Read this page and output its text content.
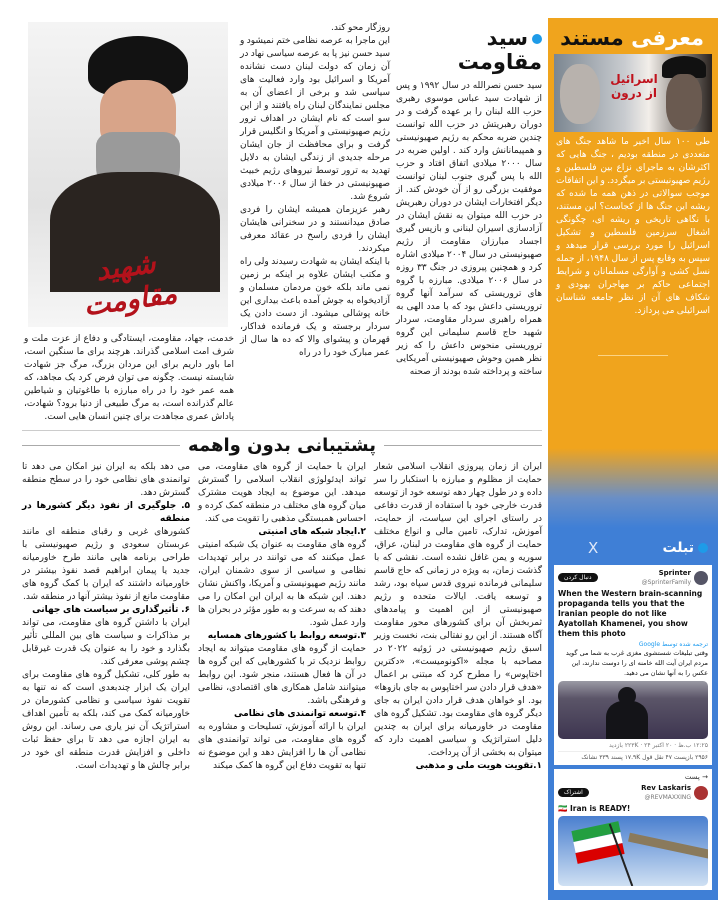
معرفی مستند
اسرائیل از درون
طی ۱۰۰ سال اخیر ما شاهد جنگ های متعددی در منطقه بودیم ، جنگ هایی که اکثرشان به ماجرای نزاع بین فلسطین و رژیم صهیونیستی بر میگردد. و این اتفاقات موجب سوالاتی در ذهن همه ما شده که ریشه این جنگ ها از کجاست؟ این مستند، با نگاهی تاریخی و ریشه ای، چگونگی اشغال سرزمین فلسطین و تشکیل اسرائیل را مورد بررسی قرار میدهد و سپس به وقایع پس از سال ۱۹۴۸، از جمله نسل کشی و آوارگی مسلمانان و شرایط اجتماعی حاکم بر مهاجران یهودی و شکاف های آن از نظر جامعه شناسان اسرائیلی می پردازد.
X	تبلت
دنبال کردن
Sprinter
@SprinterFamily
When the Western brain-scanning propaganda tells you that the Iranian people do not like Ayatollah Khamenei, you show them this photo
ترجمه شده توسط Google
وقتی تبلیغات شستشوی مغزی غرب به شما می گوید مردم ایران آیت الله خامنه ای را دوست ندارند، این عکس را به آنها نشان می دهید.
۱۲:۲۵ ب.ظ · ۲۰ اکتبر ۲۴ · ۲۲۳K بازدید
۲۹۵۶ بازپست ۴۷ نقل قول ۱۷.۹K پسند ۳۳۹ نشانک
→ پست
اشتراک
Rev Laskaris
@REVMAXXING
🇮🇷 Iran is READY!
سید مقاومت
سید حسن نصرالله در سال ۱۹۹۲ و پس از شهادت سید عباس موسوی رهبری حزب الله لبنان را بر عهده گرفت و در دوران رهبریتش در حزب الله توانست چندین ضربه محکم به رژیم صهیونیستی و همپیمانانش وارد کند . اولین ضربه در سال ۲۰۰۰ میلادی اتفاق افتاد و حزب الله با پس گیری جنوب لبنان توانست موفقیت بزرگی رو از آن خودش کند. از دیگر افتخارات ایشان در دوران رهبریش در حزب الله میتوان به نقش ایشان در آزادسازی اسیران لبنانی و بازپس گیری اجساد مبارزان مقاومت از رژیم صهیونیستی در سال ۲۰۰۴ میلادی اشاره کرد و همچنین پیروزی در جنگ ۳۳ روزه در سال ۲۰۰۶ میلادی. مبارزه با گروه های تروریستی که سرآمد آنها گروه تروریستی داعش بود که با مدد الهی به همراه راهبری سردار مقاومت، سردار شهید حاج قاسم سلیمانی این گروه تروریستی منحوس داعش را که زیر نظر همین وحوش صهیونیستی آمریکایی ساخته و پرداخته شده بودند از صحنه

روزگار محو کند.

این ماجرا به عرصه نظامی ختم نمیشود و سید حسن نیز پا به عرصه سیاسی نهاد در آن زمان که دولت لبنان دست نشانده آمریکا و اسرائیل بود وارد فعالیت های سیاسی شد و برخی از اعضای آن به مجلس نمایندگان لبنان راه یافتند و از این سو است که نام ایشان در اهداف ترور رژیم صهیونیستی و آمریکا و انگلیس قرار گرفت و برای محافظت از جان ایشان مرحله جدیدی از زندگی ایشان به دلایل تهدید به ترور توسط نیروهای رژیم خبیث صهیونیستی در خفا از سال ۲۰۰۶ میلادی شروع شد.

رهبر عزیزمان همیشه ایشان را فردی صادق میدانستند و در سخنرانی هایشان ایشان را فردی راسخ در عقائد معرفی میکردند.

با اینکه ایشان به شهادت رسیدند ولی راه و مکتب ایشان علاوه بر اینکه بر زمین نمی ماند بلکه خون مردمان مسلمان و آزادیخواه به جوش آمده باعث بیداری این خانه پوشالی میشود. از دست دادن یک سردار برجسته و یک فرمانده فداکار، قهرمان و پیشوای والا که ده ها سال از عمر مبارک خود را در راه

شهید مقاومت
خدمت، جهاد، مقاومت، ایستادگی و دفاع از عزت ملت و شرف امت اسلامی گذراند. هرچند برای ما سنگین است، اما باور داریم برای این مردان بزرگ، مرگ جز شهادت شایسته نیست. چگونه می توان فرض کرد یک مجاهد، که همه عمر خود را در راه مبارزه با طاغوتیان و شیاطین عالم گذرانده است، به مرگ طبیعی از دنیا برود؟ شهادت، پاداش عمری مجاهدت برای چنین انسان هایی است.
پشتیبانی بدون واهمه

ایران از زمان پیروزی انقلاب اسلامی شعار حمایت از مظلوم و مبارزه با استکبار را سر داده و در طول چهار دهه توسعه خود از توسعه قدرت خارجی خود با استفاده از قدرت دفاعی در راستای اجرای این سیاست، از حمایت، آموزش، تدارک، تامین مالی و انواع مختلف حمایت از گروه های مقاومت در لبنان، عراق، سوریه و یمن غافل نشده است. نقشی که با گذشت زمان، به ویژه در زمانی که حاج قاسم سلیمانی فرمانده نیروی قدس سپاه بود، رشد و توسعه یافت. ایالات متحده و رژیم صهیونیستی از این اهمیت و پیامدهای ثمربخش آن برای کشورهای محور مقاومت آگاه هستند. از این رو نفتالی بنت، نخست وزیر اسبق رژیم صهیونیستی در ژوئیه ۲۰۲۲ در مصاحبه با مجله «اکونومیست»، «دکترین اختاپوس» را مطرح کرد که مبتنی بر اعمال «هدف قرار دادن سر اختاپوس به جای بازوها» بود. او خواهان هدف قرار دادن ایران به جای دیگر گروه های مقاومت بود. تشکیل گروه های مقاومت در خاورمیانه برای ایران به چندین دلیل استراتژیک و سیاسی اهمیت دارد که میتوان به بخشی از آن پرداخت.

۱.تقویت هویت ملی و مذهبی

ایران با حمایت از گروه های مقاومت، می تواند ایدئولوژی انقلاب اسلامی را گسترش میدهد. این موضوع به ایجاد هویت مشترک میان گروه های مختلف در منطقه کمک کرده و احساس همبستگی مذهبی را تقویت می کند.

۲.ایجاد شبکه های امنیتی

گروه های مقاومت به عنوان یک شبکه امنیتی عمل میکنند که می توانند در برابر تهدیدات نظامی و سیاسی از سوی دشمنان ایران، مانند رژیم صهیونیستی و آمریکا، واکنش نشان دهند. این شبکه ها به ایران این امکان را می دهند که به سرعت و به طور مؤثر در بحران ها وارد عمل شود.

۳.توسعه روابط با کشورهای همسایه

حمایت از گروه های مقاومت میتواند به ایجاد روابط نزدیک تر با کشورهایی که این گروه ها در آن ها فعال هستند، منجر شود. این روابط میتوانند شامل همکاری های اقتصادی، نظامی و فرهنگی باشد.

۴.توسعه توانمندی های نظامی

ایران با ارائه آموزش، تسلیحات و مشاوره به گروه های مقاومت، می تواند توانمندی های نظامی آن ها را افزایش دهد و این موضوع نه تنها به تقویت دفاع این گروه ها کمک میکند

می دهد بلکه به ایران نیز امکان می دهد تا توانمندی های نظامی خود را در سطح منطقه گسترش دهد.

۵. جلوگیری از نفوذ دیگر کشورها در منطقه

کشورهای غربی و رقبای منطقه ای مانند عربستان سعودی و رژیم صهیونیستی با طراحی برنامه هایی مانند طرح خاورمیانه جدید یا پیمان ابراهیم قصد نفوذ بیشتر در خاورمیانه داشتند که ایران با کمک گروه های مقاومت مانع از نفوذ بیشتر آنها در منطقه شد.

۶. تأثیرگذاری بر سیاست های جهانی

ایران با داشتن گروه های مقاومت، می تواند بر مذاکرات و سیاست های بین المللی تأثیر بگذارد و خود را به عنوان یک قدرت غیرقابل چشم پوشی معرفی کند.

به طور کلی، تشکیل گروه های مقاومت برای ایران یک ابزار چندبعدی است که نه تنها به تقویت نفوذ سیاسی و نظامی کشورمان در خاورمیانه کمک می کند، بلکه به تأمین اهداف استراتژیک آن نیز یاری می رساند. این روش به ایران اجازه می دهد تا برای حفظ ثبات داخلی و افزایش قدرت منطقه ای خود در برابر چالش ها و تهدیدات است.
